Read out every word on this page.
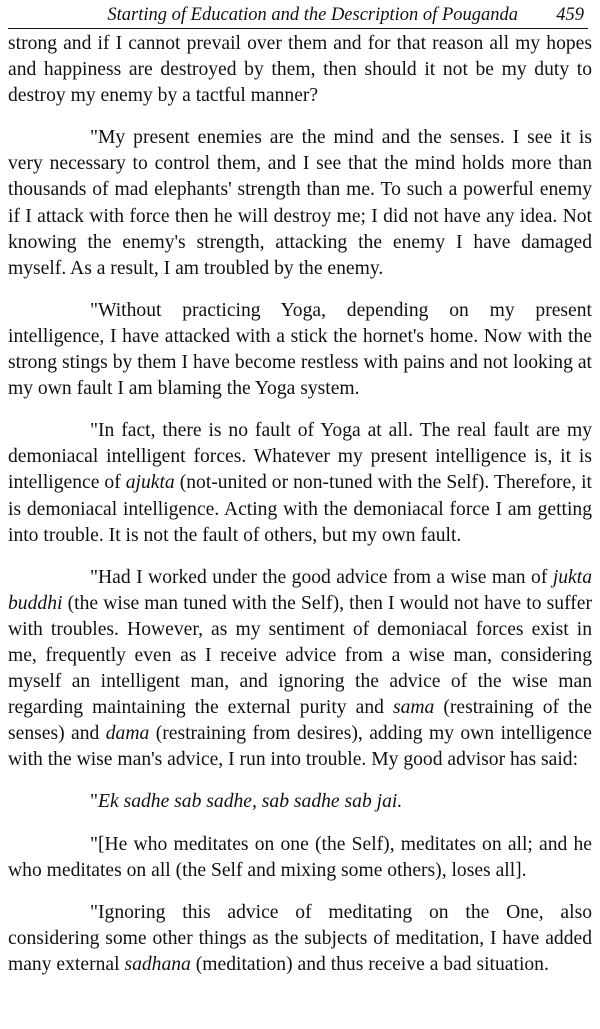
Starting of Education and the Description of Pouganda 459

strong and if I cannot prevail over them and for that reason all my hopes and happiness are destroyed by them, then should it not be my duty to destroy my enemy by a tactful manner?

"My present enemies are the mind and the senses. I see it is very necessary to control them, and I see that the mind holds more than thousands of mad elephants' strength than me. To such a powerful enemy if I attack with force then he will destroy me; I did not have any idea. Not knowing the enemy's strength, attacking the enemy I have damaged myself. As a result, I am troubled by the enemy.

"Without practicing Yoga, depending on my present intelligence, I have attacked with a stick the hornet's home. Now with the strong stings by them I have become restless with pains and not looking at my own fault I am blaming the Yoga system.

"In fact, there is no fault of Yoga at all. The real fault are my demoniacal intelligent forces. Whatever my present intelligence is, it is intelligence of ajukta (not-united or non-tuned with the Self). Therefore, it is demoniacal intelligence. Acting with the demoniacal force I am getting into trouble. It is not the fault of others, but my own fault.

"Had I worked under the good advice from a wise man of jukta buddhi (the wise man tuned with the Self), then I would not have to suffer with troubles. However, as my sentiment of demoniacal forces exist in me, frequently even as I receive advice from a wise man, considering myself an intelligent man, and ignoring the advice of the wise man regarding maintaining the external purity and sama (restraining of the senses) and dama (restraining from desires), adding my own intelligence with the wise man's advice, I run into trouble. My good advisor has said:

"Ek sadhe sab sadhe, sab sadhe sab jai.

"[He who meditates on one (the Self), meditates on all; and he who meditates on all (the Self and mixing some others), loses all].

"Ignoring this advice of meditating on the One, also considering some other things as the subjects of meditation, I have added many external sadhana (meditation) and thus receive a bad situation.
